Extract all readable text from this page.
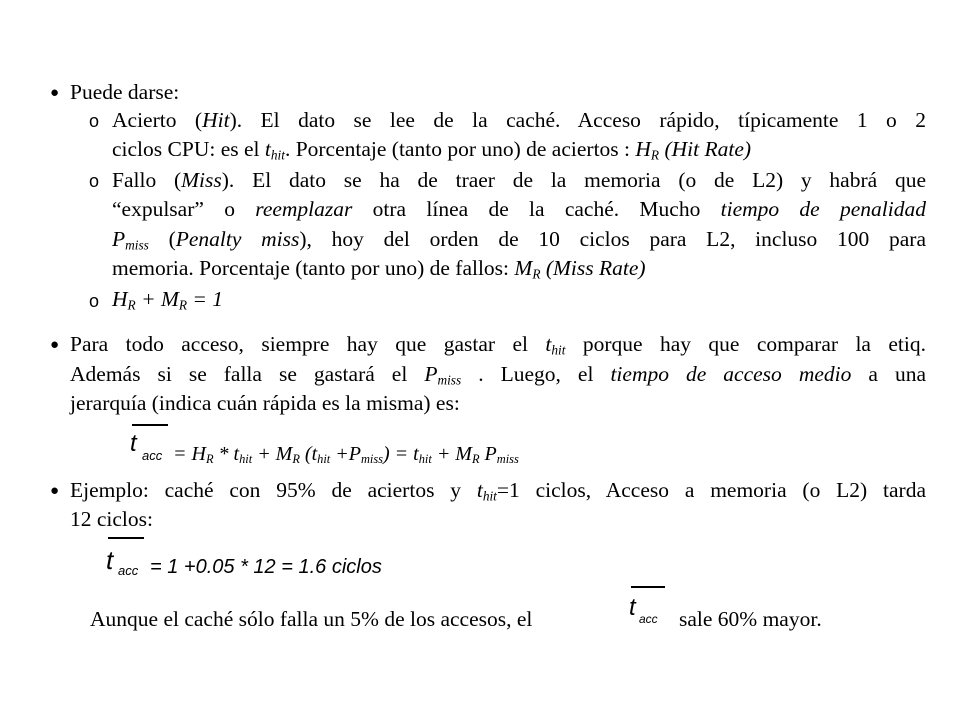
● Puede darse:
o Acierto (Hit). El dato se lee de la caché. Acceso rápido, típicamente 1 o 2
ciclos CPU: es el $t_{hit}$. Porcentaje (tanto por uno) de aciertos : $H_R$ (Hit Rate)
o Fallo (Miss). El dato se ha de traer de la memoria (o de L2) y habrá que
“expulsar” o reemplazar otra línea de la caché. Mucho tiempo de penalidad
$P_{miss}$ (Penalty miss), hoy del orden de 10 ciclos para L2, incluso 100 para
memoria. Porcentaje (tanto por uno) de fallos: $M_R$ (Miss Rate)
o $H_R + M_R = 1$
● Para todo acceso, siempre hay que gastar el $t_{hit}$ porque hay que comparar la etiq.
Además si se falla se gastará el $P_{miss}$ . Luego, el tiempo de acceso medio a una
jerarquía (indica cuán rápida es la misma) es:
t acc = $H_R * t_{hit} + M_R$ $(t_{hit} +P_{miss}) = t_{hit} + M_R$ $P_{miss}$
● Ejemplo: caché con 95% de aciertos y $t_{hit}=1$ ciclos, Acceso a memoria (o L2) tarda
12 ciclos:
t acc = 1 +0.05 * 12 = 1.6 ciclos
Aunque el caché sólo falla un 5% de los accesos, el	t acc sale 60% mayor.
